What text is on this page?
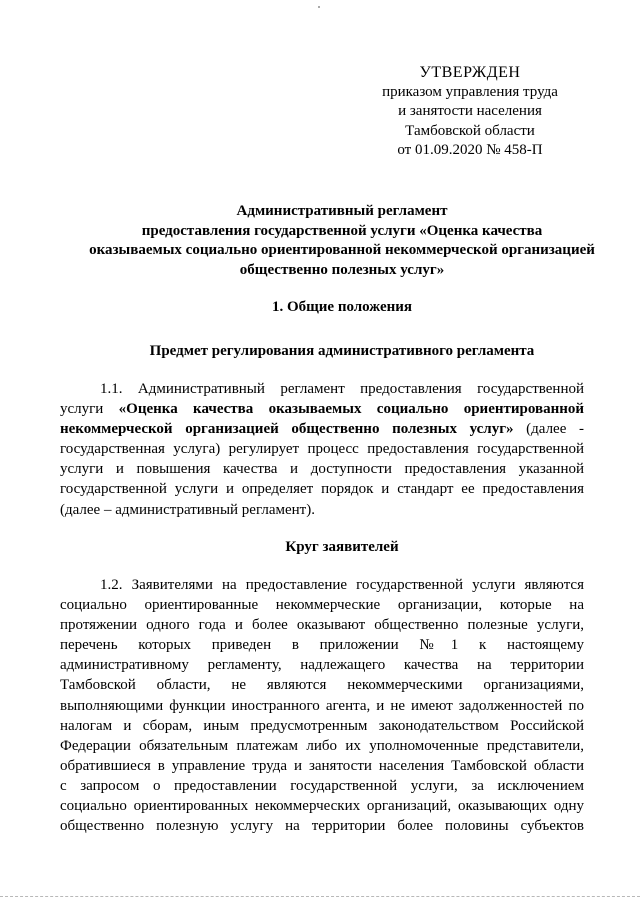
УТВЕРЖДЕН
приказом управления труда
и занятости населения
Тамбовской области
от 01.09.2020 № 458-П
Административный регламент
предоставления государственной услуги «Оценка качества
оказываемых социально ориентированной некоммерческой организацией
общественно полезных услуг»
1. Общие положения
Предмет регулирования административного регламента
1.1. Административный регламент предоставления государственной
услуги «Оценка качества оказываемых социально ориентированной
некоммерческой организацией общественно полезных услуг» (далее -
государственная услуга) регулирует процесс предоставления государственной
услуги и повышения качества и доступности предоставления указанной
государственной услуги и определяет порядок и стандарт ее предоставления
(далее – административный регламент).
Круг заявителей
1.2. Заявителями на предоставление государственной услуги являются
социально ориентированные некоммерческие организации, которые на
протяжении одного года и более оказывают общественно полезные услуги,
перечень которых приведен в приложении №1 к настоящему
административному регламенту, надлежащего качества на территории
Тамбовской области, не являются некоммерческими организациями,
выполняющими функции иностранного агента, и не имеют задолженностей по
налогам и сборам, иным предусмотренным законодательством Российской
Федерации обязательным платежам либо их уполномоченные представители,
обратившиеся в управление труда и занятости населения Тамбовской области
с запросом о предоставлении государственной услуги, за исключением
социально ориентированных некоммерческих организаций, оказывающих одну
общественно полезную услугу на территории более половины субъектов
